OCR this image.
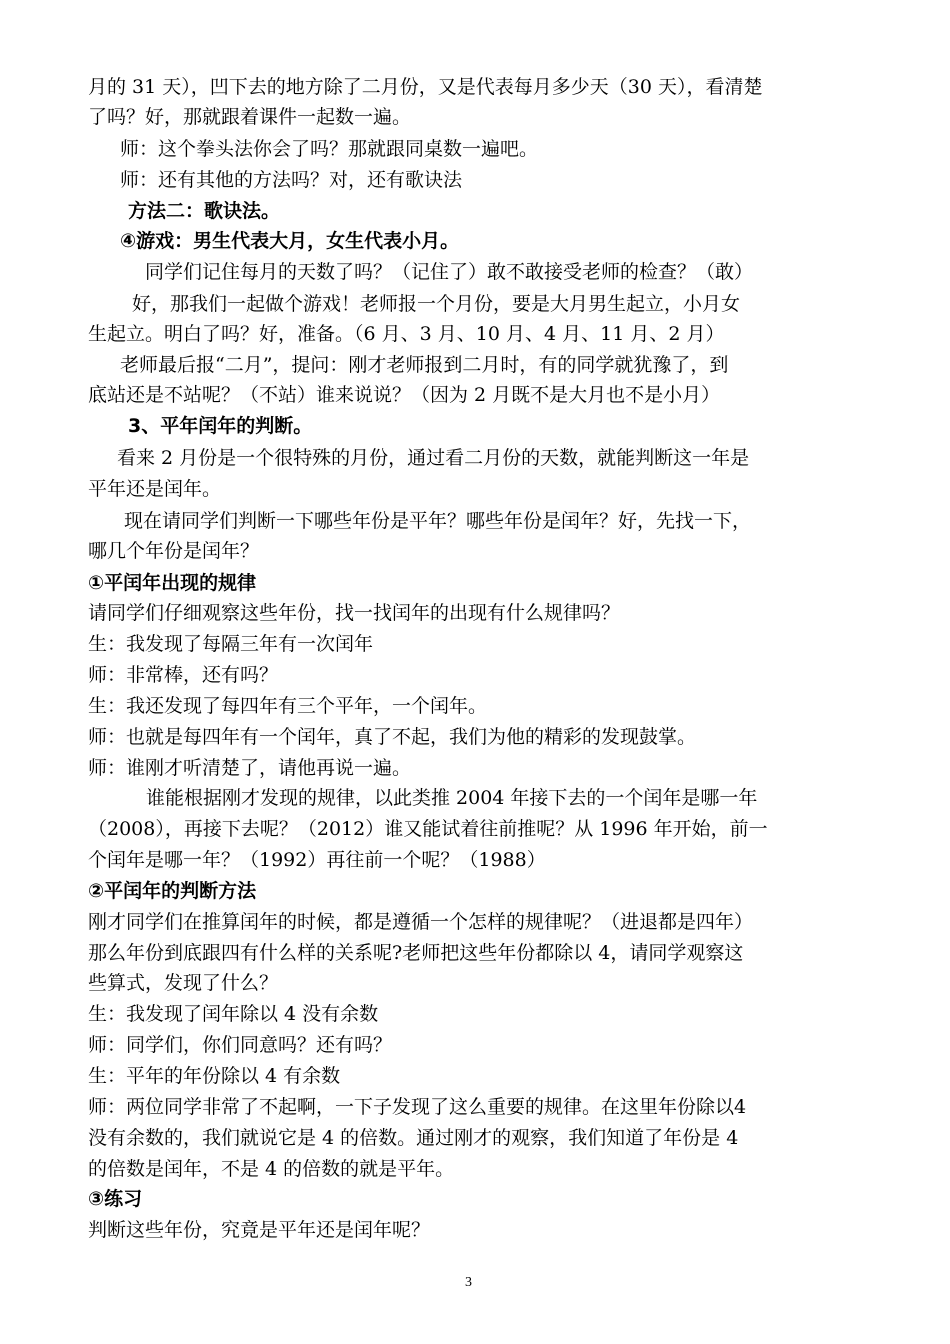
月的 31 天），凹下去的地方除了二月份，又是代表每月多少天（30 天），看清楚
了吗？好，那就跟着课件一起数一遍。
师：这个拳头法你会了吗？那就跟同桌数一遍吧。
师：还有其他的方法吗？对，还有歌诀法
方法二：歌诀法。
④游戏：男生代表大月，女生代表小月。
同学们记住每月的天数了吗？（记住了）敢不敢接受老师的检查？（敢）
好，那我们一起做个游戏！老师报一个月份，要是大月男生起立，小月女
生起立。明白了吗？好，准备。（6 月、3 月、10 月、4 月、11 月、2 月）
老师最后报“二月”，提问：刚才老师报到二月时，有的同学就犹豫了，到
底站还是不站呢？（不站）谁来说说？（因为 2 月既不是大月也不是小月）
3、平年闰年的判断。
看来 2 月份是一个很特殊的月份，通过看二月份的天数，就能判断这一年是
平年还是闰年。
现在请同学们判断一下哪些年份是平年？哪些年份是闰年？好，先找一下，
哪几个年份是闰年？
①平闰年出现的规律
请同学们仔细观察这些年份，找一找闰年的出现有什么规律吗？
生：我发现了每隔三年有一次闰年
师：非常棒，还有吗？
生：我还发现了每四年有三个平年，一个闰年。
师：也就是每四年有一个闰年，真了不起，我们为他的精彩的发现鼓掌。
师：谁刚才听清楚了，请他再说一遍。
谁能根据刚才发现的规律，以此类推 2004 年接下去的一个闰年是哪一年
（2008），再接下去呢？（2012）谁又能试着往前推呢？从 1996 年开始，前一
个闰年是哪一年？（1992）再往前一个呢？（1988）
②平闰年的判断方法
刚才同学们在推算闰年的时候，都是遵循一个怎样的规律呢？（进退都是四年）
那么年份到底跟四有什么样的关系呢?老师把这些年份都除以 4，请同学观察这
些算式，发现了什么？
生：我发现了闰年除以 4 没有余数
师：同学们，你们同意吗？还有吗？
生：平年的年份除以 4 有余数
师：两位同学非常了不起啊，一下子发现了这么重要的规律。在这里年份除以4
没有余数的，我们就说它是 4 的倍数。通过刚才的观察，我们知道了年份是 4
的倍数是闰年，不是 4 的倍数的就是平年。
③练习
判断这些年份，究竟是平年还是闰年呢？
3
